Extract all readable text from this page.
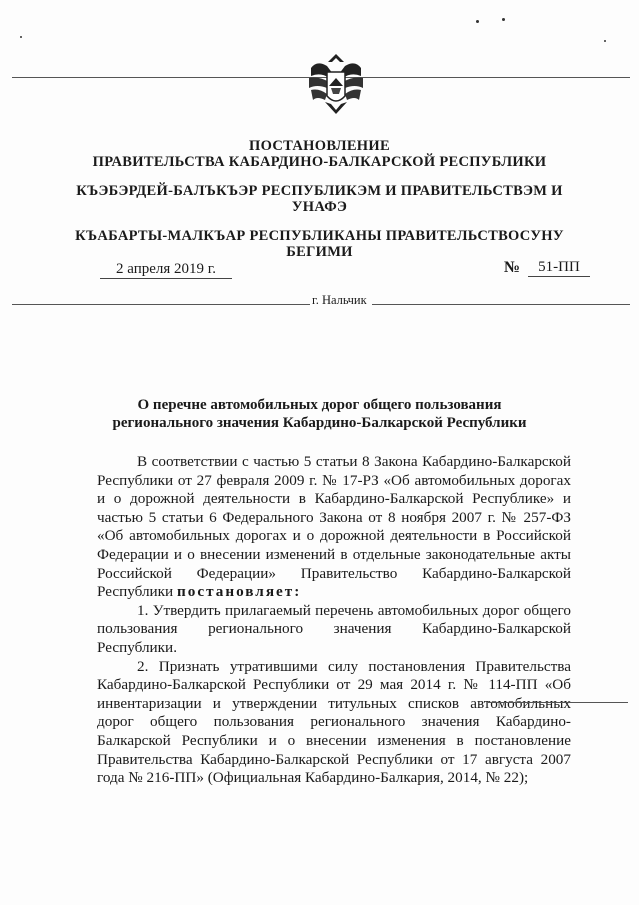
ПОСТАНОВЛЕНИЕ
ПРАВИТЕЛЬСТВА КАБАРДИНО-БАЛКАРСКОЙ РЕСПУБЛИКИ
КЪЭБЭРДЕЙ-БАЛЪКЪЭР РЕСПУБЛИКЭМ И ПРАВИТЕЛЬСТВЭМ И
УНАФЭ
КЪАБАРТЫ-МАЛКЪАР РЕСПУБЛИКАНЫ ПРАВИТЕЛЬСТВОСУНУ
БЕГИМИ
2 апреля 2019 г.	№	51-ПП
г. Нальчик
О перечне автомобильных дорог общего пользования
регионального значения Кабардино-Балкарской Республики

В соответствии с частью 5 статьи 8 Закона Кабардино-Балкарской Республики от 27 февраля 2009 г. № 17-РЗ «Об автомобильных дорогах и о дорожной деятельности в Кабардино-Балкарской Республике» и частью 5 статьи 6 Федерального Закона от 8 ноября 2007 г. № 257-ФЗ «Об автомобильных дорогах и о дорожной деятельности в Российской Федерации и о внесении изменений в отдельные законодательные акты Российской Федерации» Правительство Кабардино-Балкарской Республики постановляет:

1. Утвердить прилагаемый перечень автомобильных дорог общего пользования регионального значения Кабардино-Балкарской Республики.

2. Признать утратившими силу постановления Правительства Кабардино-Балкарской Республики от 29 мая 2014 г. № 114-ПП «Об инвентаризации и утверждении титульных списков автомобильных дорог общего пользования регионального значения Кабардино-Балкарской Республики и о внесении изменения в постановление Правительства Кабардино-Балкарской Республики от 17 августа 2007 года № 216-ПП» (Официальная Кабардино-Балкария, 2014, № 22);
